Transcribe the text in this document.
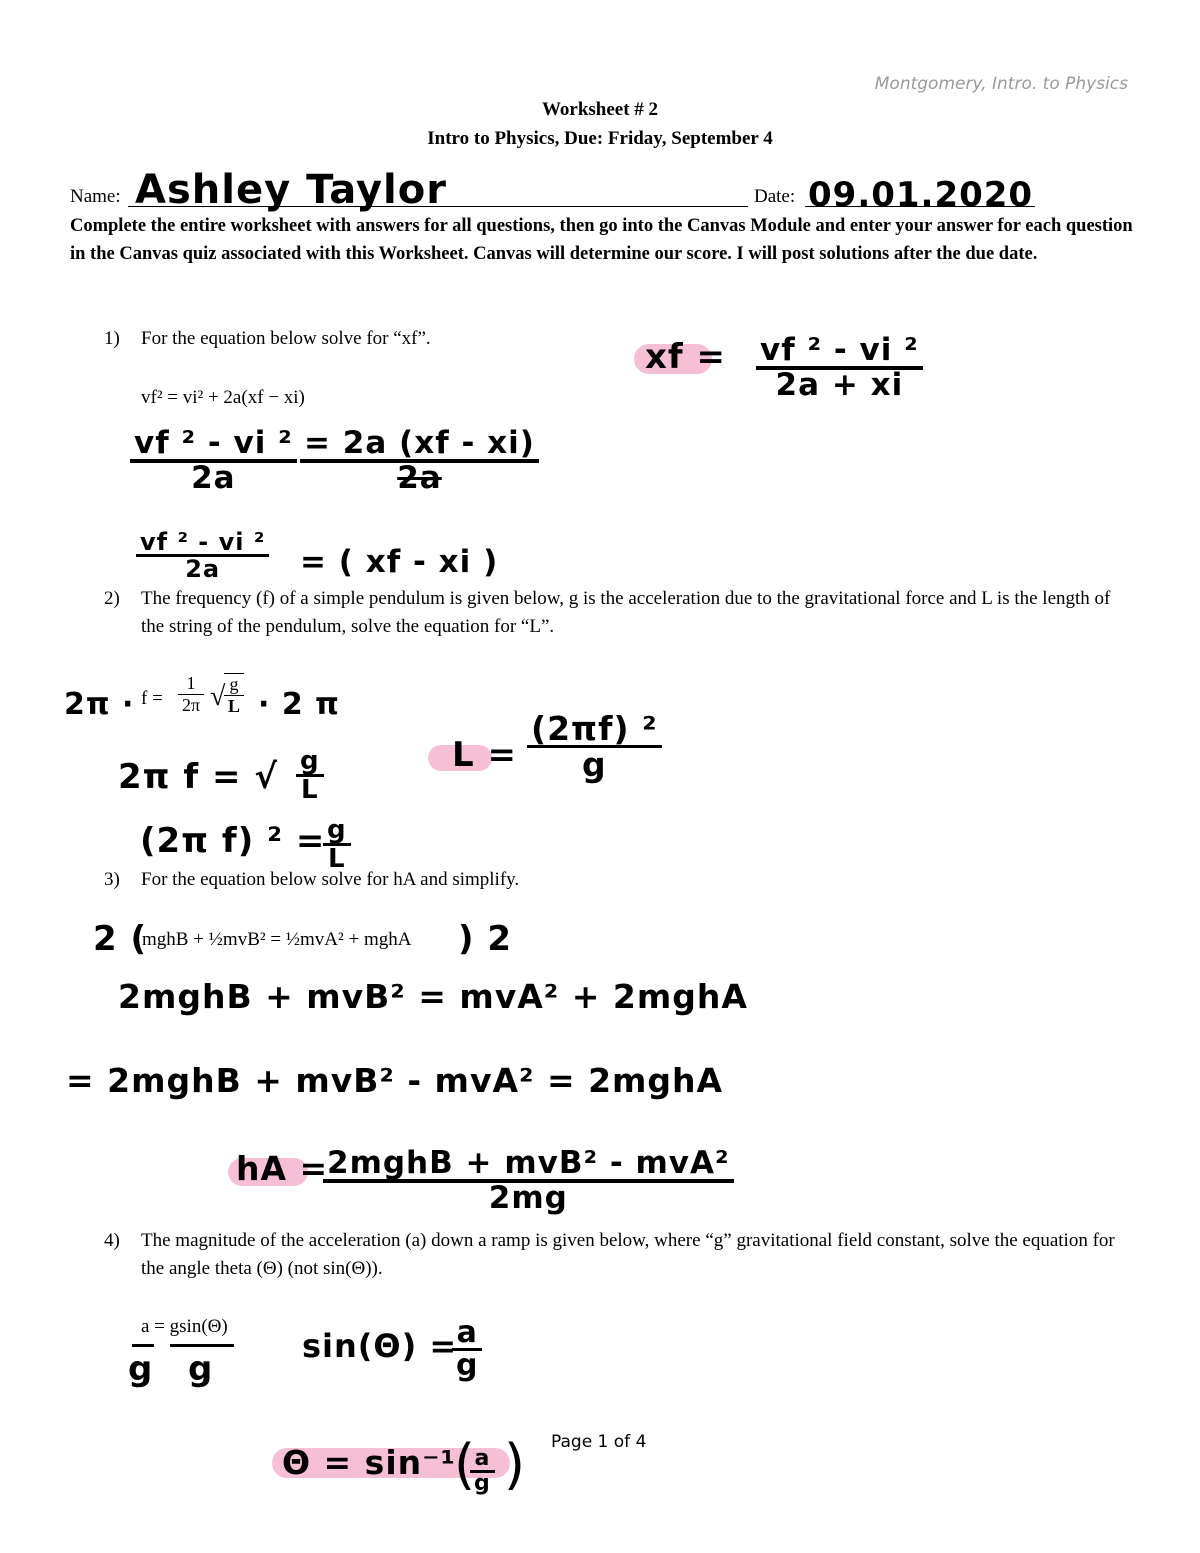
Montgomery, Intro. to Physics
Worksheet # 2
Intro to Physics, Due: Friday, September 4
Name: Ashley Taylor	Date: 09.01.2020
Complete the entire worksheet with answers for all questions, then go into the Canvas Module and enter your answer for each question in the Canvas quiz associated with this Worksheet. Canvas will determine our score. I will post solutions after the due date.
1) For the equation below solve for “xf”.
vf² = vi² + 2a(xf − xi)
xf = $\frac{\text{vf ² - vi ²}}{2a + xi}$
$\frac{\text{vf ² - vi ²}}{2a} \frac{= 2a (xf - xi)}{2a}$
$\frac{\text{vf ² - vi ²}}{2a}$ = ( xf - xi )
2) The frequency (f) of a simple pendulum is given below, g is the acceleration due to the gravitational force and L is the length of the string of the pendulum, solve the equation for “L”.
$2\pi \cdot f = \frac{1}{2\pi}$ √
$\frac{g}{L} \cdot 2$ π
2π f = √ $\frac{g}{L}$
(2π f) ² =
$\frac{g}{L}$
$L = \frac{\text{(2πf) ²}}{g}$
3) For the equation below solve for hA and simplify.
2 (
mghB + ½mvB² = ½mvA² + mghA ) 2
2mghB + mvB² = mvA² + 2mghA
= 2mghB + mvB² - mvA² = 2mghA
hA =
2mghB + mvB² - mvA²
2mg
4) The magnitude of the acceleration (a) down a ramp is given below, where “g” gravitational field constant, solve the equation for the angle theta (Θ) (not sin(Θ)).
a = gsin(Θ)
g g
sin(Θ) =
$\frac{a}{g}$
Θ = sin⁻¹
(
$\frac{a}{g}$ ) Page 1 of 4
